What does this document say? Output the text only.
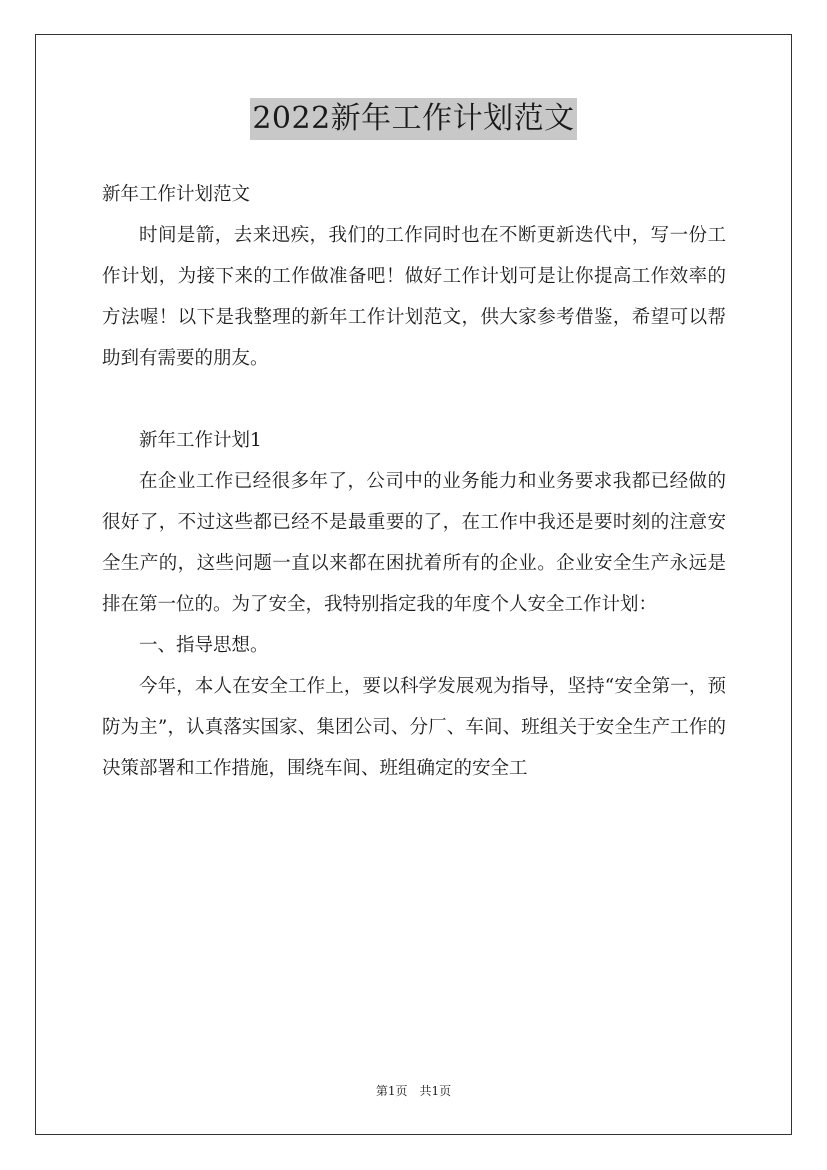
2022新年工作计划范文

新年工作计划范文

时间是箭，去来迅疾，我们的工作同时也在不断更新迭代中，写一份工作计划，为接下来的工作做准备吧！做好工作计划可是让你提高工作效率的方法喔！以下是我整理的新年工作计划范文，供大家参考借鉴，希望可以帮助到有需要的朋友。

新年工作计划1

在企业工作已经很多年了，公司中的业务能力和业务要求我都已经做的很好了，不过这些都已经不是最重要的了，在工作中我还是要时刻的注意安全生产的，这些问题一直以来都在困扰着所有的企业。企业安全生产永远是排在第一位的。为了安全，我特别指定我的年度个人安全工作计划：

一、指导思想。

今年，本人在安全工作上，要以科学发展观为指导，坚持“安全第一，预防为主”，认真落实国家、集团公司、分厂、车间、班组关于安全生产工作的决策部署和工作措施，围绕车间、班组确定的安全工

第1页　共1页
